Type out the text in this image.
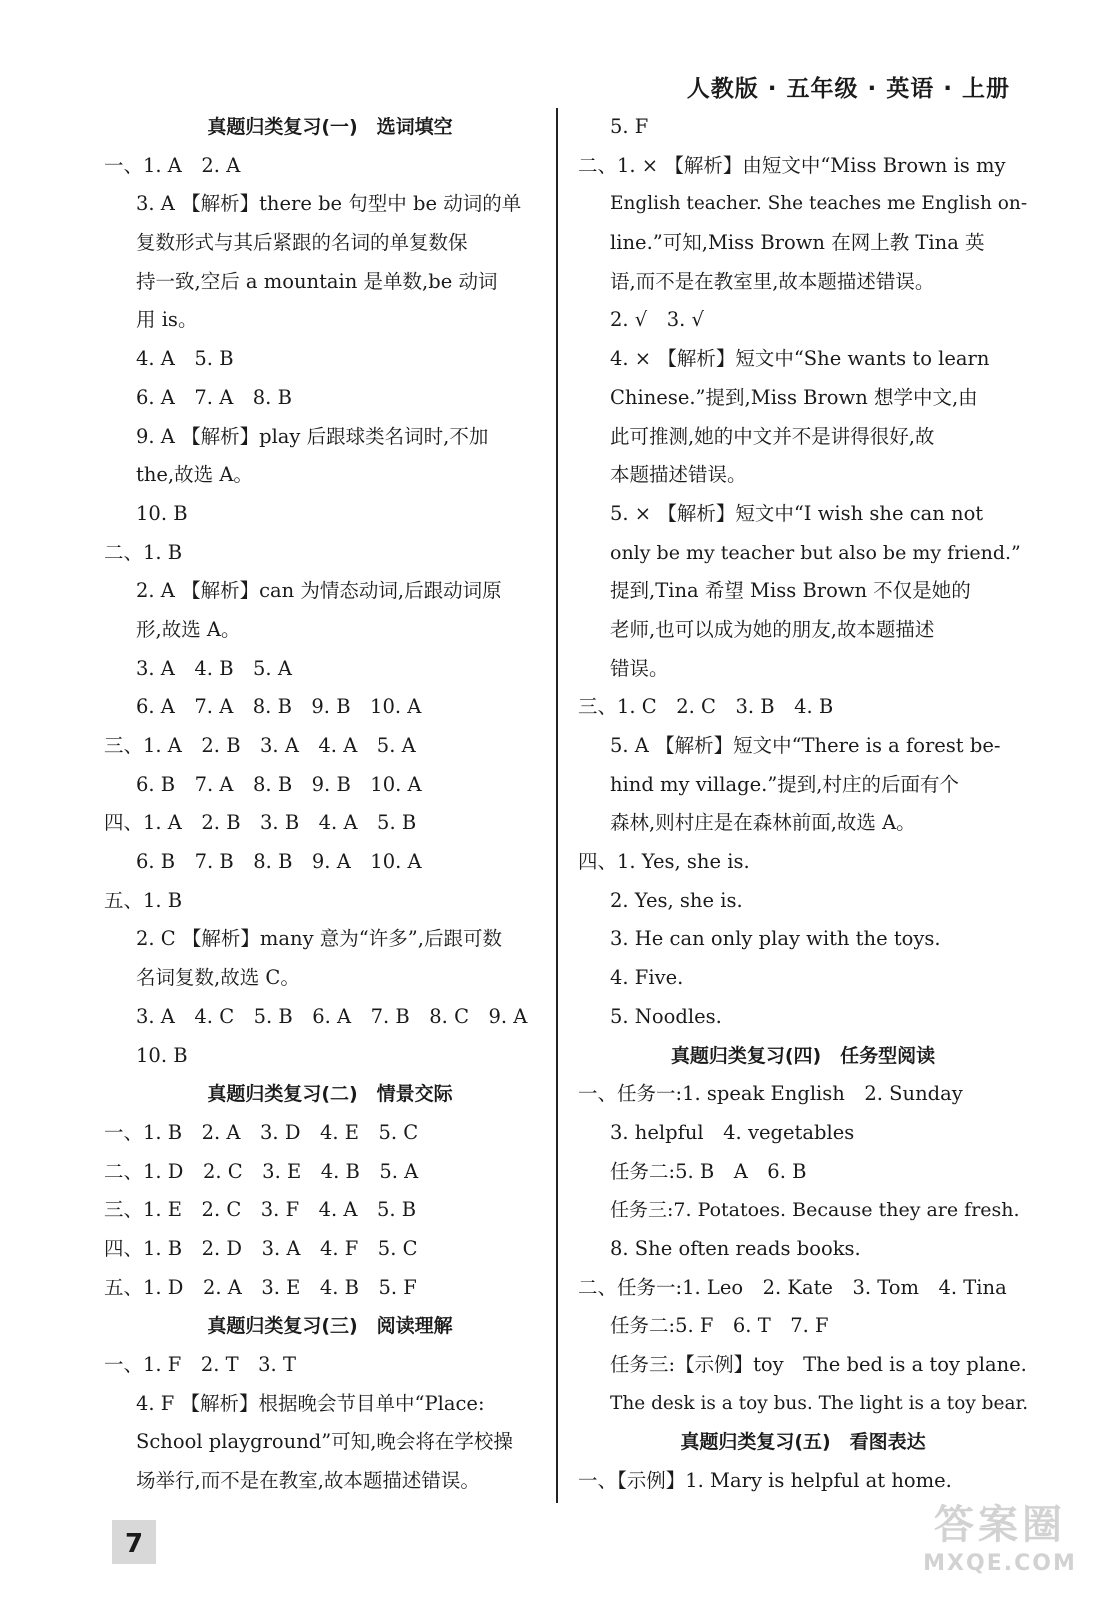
人教版 · 五年级 · 英语 · 上册
真题归类复习(一)　选词填空
一、1. A　2. A
3. A 【解析】there be 句型中 be 动词的单
复数形式与其后紧跟的名词的单复数保
持一致,空后 a mountain 是单数,be 动词
用 is。
4. A　5. B
6. A　7. A　8. B
9. A 【解析】play 后跟球类名词时,不加
the,故选 A。
10. B
二、1. B
2. A 【解析】can 为情态动词,后跟动词原
形,故选 A。
3. A　4. B　5. A
6. A　7. A　8. B　9. B　10. A
三、1. A　2. B　3. A　4. A　5. A
6. B　7. A　8. B　9. B　10. A
四、1. A　2. B　3. B　4. A　5. B
6. B　7. B　8. B　9. A　10. A
五、1. B
2. C 【解析】many 意为“许多”,后跟可数
名词复数,故选 C。
3. A　4. C　5. B　6. A　7. B　8. C　9. A
10. B
真题归类复习(二)　情景交际
一、1. B　2. A　3. D　4. E　5. C
二、1. D　2. C　3. E　4. B　5. A
三、1. E　2. C　3. F　4. A　5. B
四、1. B　2. D　3. A　4. F　5. C
五、1. D　2. A　3. E　4. B　5. F
真题归类复习(三)　阅读理解
一、1. F　2. T　3. T
4. F 【解析】根据晚会节目单中“Place:
School playground”可知,晚会将在学校操
场举行,而不是在教室,故本题描述错误。
5. F
二、1. × 【解析】由短文中“Miss Brown is my
English teacher. She teaches me English on-
line.”可知,Miss Brown 在网上教 Tina 英
语,而不是在教室里,故本题描述错误。
2. √　3. √
4. × 【解析】短文中“She wants to learn
Chinese.”提到,Miss Brown 想学中文,由
此可推测,她的中文并不是讲得很好,故
本题描述错误。
5. × 【解析】短文中“I wish she can not
only be my teacher but also be my friend.”
提到,Tina 希望 Miss Brown 不仅是她的
老师,也可以成为她的朋友,故本题描述
错误。
三、1. C　2. C　3. B　4. B
5. A 【解析】短文中“There is a forest be-
hind my village.”提到,村庄的后面有个
森林,则村庄是在森林前面,故选 A。
四、1. Yes, she is.
2. Yes, she is.
3. He can only play with the toys.
4. Five.
5. Noodles.
真题归类复习(四)　任务型阅读
一、任务一:1. speak English　2. Sunday
3. helpful　4. vegetables
任务二:5. B　A　6. B
任务三:7. Potatoes. Because they are fresh.
8. She often reads books.
二、任务一:1. Leo　2. Kate　3. Tom　4. Tina
任务二:5. F　6. T　7. F
任务三:【示例】toy　The bed is a toy plane.
The desk is a toy bus. The light is a toy bear.
真题归类复习(五)　看图表达
一、【示例】1. Mary is helpful at home.
7	答案圈
MXQE.COM
